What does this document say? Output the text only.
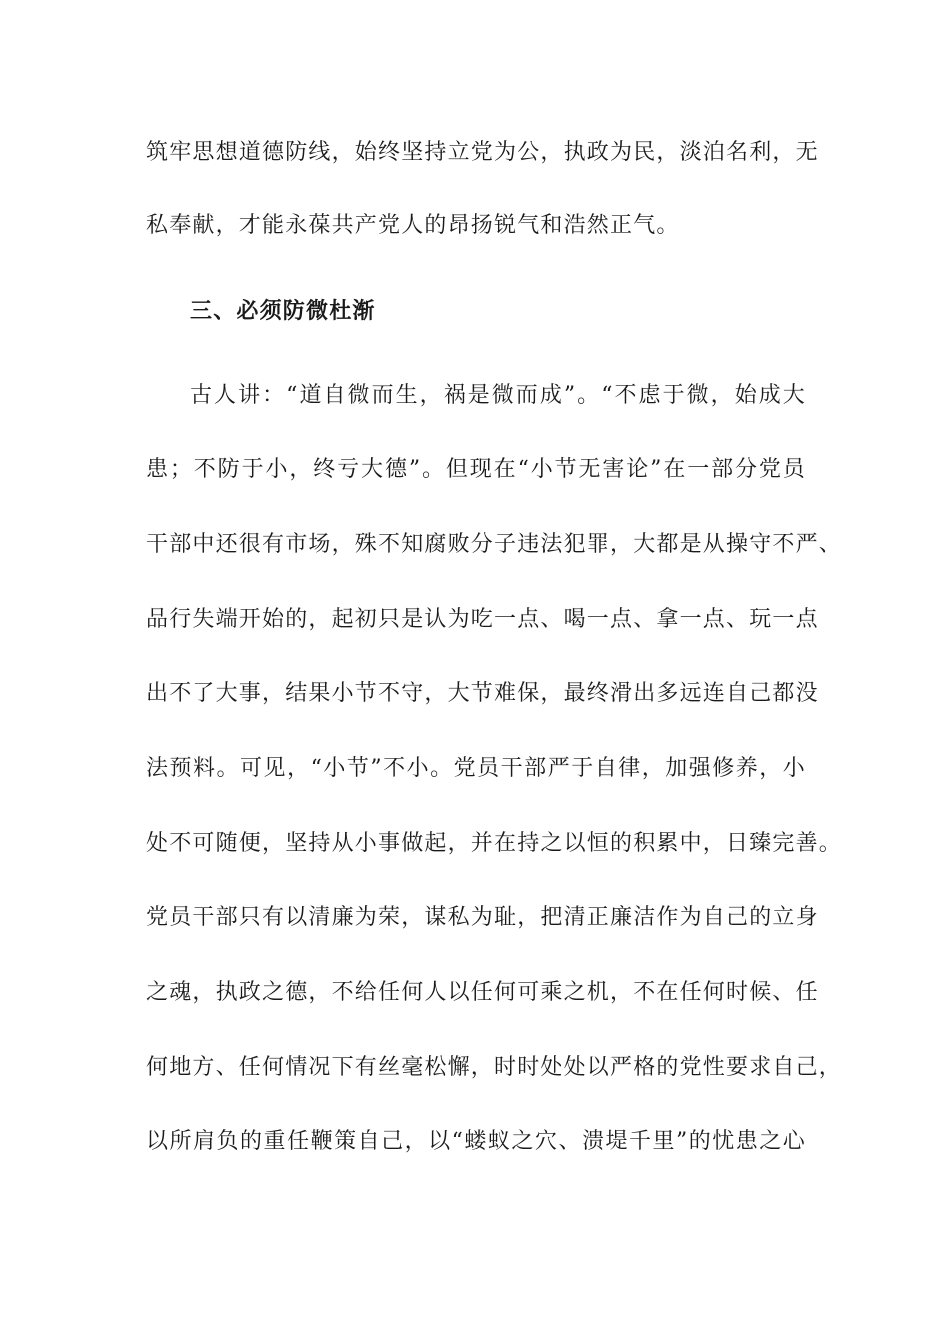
筑牢思想道德防线，始终坚持立党为公，执政为民，淡泊名利，无
私奉献，才能永葆共产党人的昂扬锐气和浩然正气。
三、必须防微杜渐
古人讲：“道自微而生，祸是微而成”。“不虑于微，始成大
患；不防于小，终亏大德”。但现在“小节无害论”在一部分党员
干部中还很有市场，殊不知腐败分子违法犯罪，大都是从操守不严、
品行失端开始的，起初只是认为吃一点、喝一点、拿一点、玩一点
出不了大事，结果小节不守，大节难保，最终滑出多远连自己都没
法预料。可见，“小节”不小。党员干部严于自律，加强修养，小
处不可随便，坚持从小事做起，并在持之以恒的积累中，日臻完善。
党员干部只有以清廉为荣，谋私为耻，把清正廉洁作为自己的立身
之魂，执政之德，不给任何人以任何可乘之机，不在任何时候、任
何地方、任何情况下有丝毫松懈，时时处处以严格的党性要求自己，
以所肩负的重任鞭策自己，以“蝼蚁之穴、溃堤千里”的忧患之心
